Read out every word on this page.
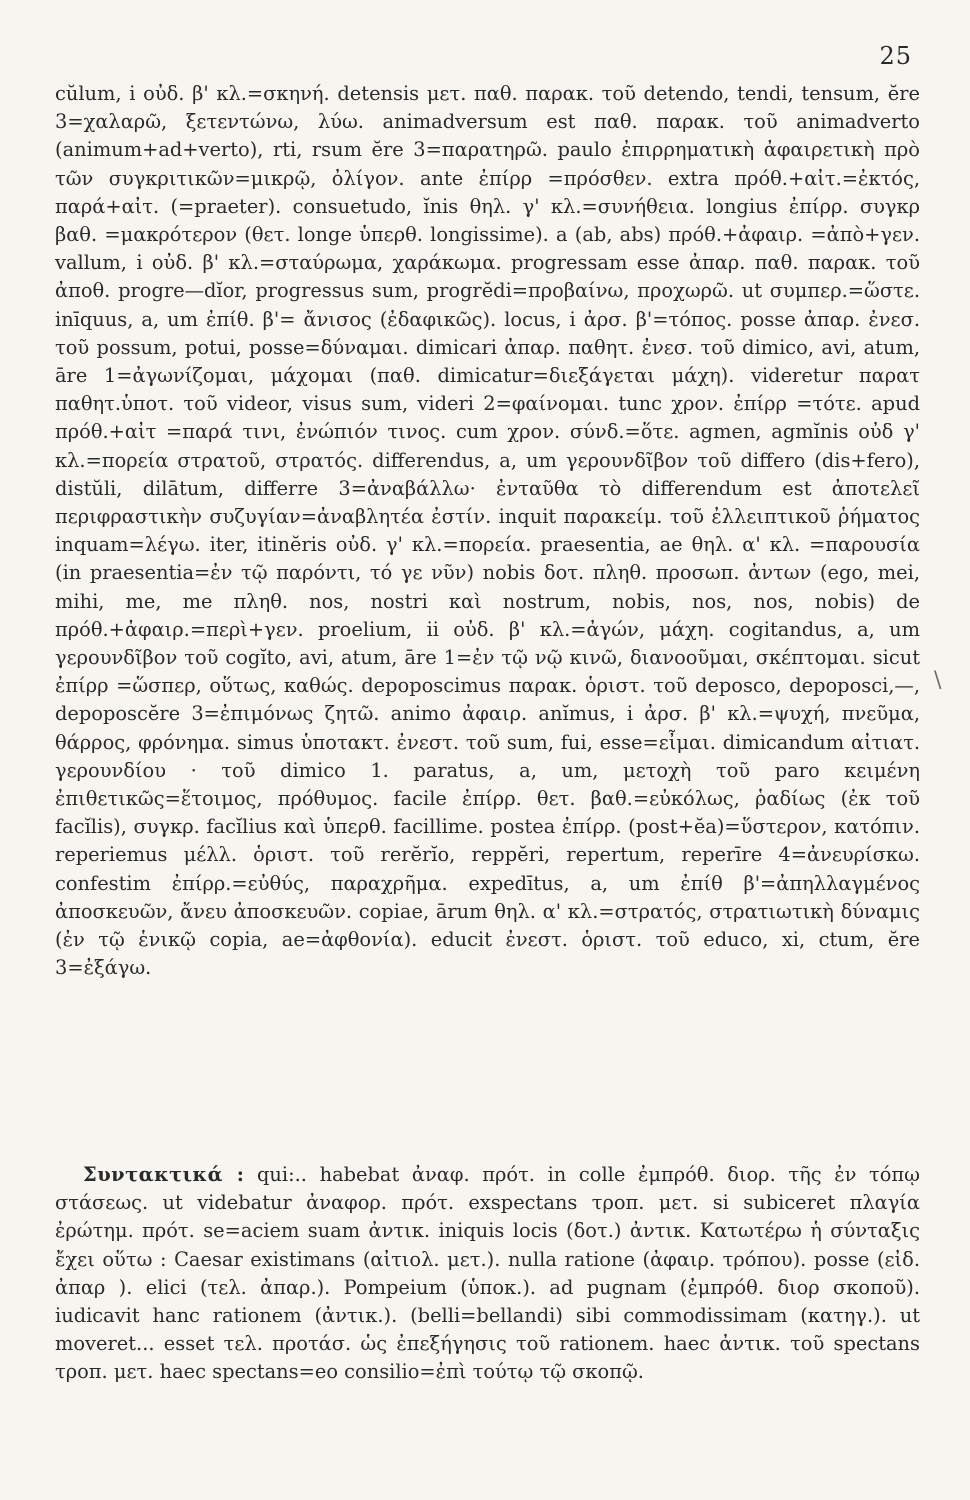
25

cŭlum, i οὐδ. β' κλ.=σκηνή. detensis μετ. παθ. παρακ. τοῦ detendo, tendi, tensum, ĕre 3=χαλαρῶ, ξετεντώνω, λύω. animadversum est παθ. παρακ. τοῦ animadverto (animum+ad+verto), rti, rsum ĕre 3=παρατηρῶ. paulo ἐπιρρηματικὴ ἀφαιρετικὴ πρὸ τῶν συγκριτικῶν=μικρῷ, ὀλίγον. ante ἐπίρρ =πρόσθεν. extra πρόθ.+αἰτ.=ἐκτός, παρά+αἰτ. (=praeter). consuetudo, ĭnis θηλ. γ' κλ.=συνήθεια. longius ἐπίρρ. συγκρ βαθ. =μακρότερον (θετ. longe ὑπερθ. longissime). a (ab, abs) πρόθ.+ἀφαιρ. =ἀπὸ+γεν. vallum, i οὐδ. β' κλ.=σταύρωμα, χαράκωμα. progressam esse ἀπαρ. παθ. παρακ. τοῦ ἀποθ. progre—dĭor, progressus sum, progrĕdi=προβαίνω, προχωρῶ. ut συμπερ.=ὥστε. inīquus, a, um ἐπίθ. β'= ἄνισος (ἐδαφικῶς). locus, i ἀρσ. β'=τόπος. posse ἀπαρ. ἐνεσ. τοῦ possum, potui, posse=δύναμαι. dimicari ἀπαρ. παθητ. ἐνεσ. τοῦ dimico, avi, atum, āre 1=ἀγωνίζομαι, μάχομαι (παθ. dimicatur=διεξάγεται μάχη). videretur παρατ παθητ.ὑποτ. τοῦ videor, visus sum, videri 2=φαίνομαι. tunc χρον. ἐπίρρ =τότε. apud πρόθ.+αἰτ =παρά τινι, ἐνώπιόν τινος. cum χρον. σύνδ.=ὅτε. agmen, agmĭnis οὐδ γ' κλ.=πορεία στρατοῦ, στρατός. differendus, a, um γερουνδῖβον τοῦ differo (dis+fero), distŭli, dilātum, differre 3=ἀναβάλλω· ἐνταῦθα τὸ differendum est ἀποτελεῖ περιφραστικὴν συζυγίαν=ἀναβλητέα ἐστίν. inquit παρακείμ. τοῦ ἐλλειπτικοῦ ῥήματος inquam=λέγω. iter, itinĕris οὐδ. γ' κλ.=πορεία. praesentia, ae θηλ. α' κλ. =παρουσία (in praesentia=ἐν τῷ παρόντι, τό γε νῦν) nobis δοτ. πληθ. προσωπ. ἀντων (ego, mei, mihi, me, me πληθ. nos, nostri καὶ nostrum, nobis, nos, nos, nobis) de πρόθ.+ἀφαιρ.=περὶ+γεν. proelium, ii οὐδ. β' κλ.=ἀγών, μάχη. cogitandus, a, um γερουνδῖβον τοῦ cogĭto, avi, atum, āre 1=ἐν τῷ νῷ κινῶ, διανοοῦμαι, σκέπτομαι. sicut ἐπίρρ =ὥσπερ, οὕτως, καθώς. depoposcimus παρακ. ὁριστ. τοῦ deposco, depoposci,—, depoposcĕre 3=ἐπιμόνως ζητῶ. animo ἀφαιρ. anĭmus, i ἀρσ. β' κλ.=ψυχή, πνεῦμα, θάρρος, φρόνημα. simus ὑποτακτ. ἐνεστ. τοῦ sum, fui, esse=εἶμαι. dimicandum αἰτιατ. γερουνδίου · τοῦ dimico 1. paratus, a, um, μετοχὴ τοῦ paro κειμένη ἐπιθετικῶς=ἕτοιμος, πρόθυμος. facile ἐπίρρ. θετ. βαθ.=εὐκόλως, ῥαδίως (ἐκ τοῦ facĭlis), συγκρ. facĭlius καὶ ὑπερθ. facillime. postea ἐπίρρ. (post+ĕa)=ὕστερον, κατόπιν. reperiemus μέλλ. ὁριστ. τοῦ rerĕrĭo, reppĕri, repertum, reperīre 4=ἀνευρίσκω. confestim ἐπίρρ.=εὐθύς, παραχρῆμα. expedītus, a, um ἐπίθ β'=ἀπηλλαγμένος ἀποσκευῶν, ἄνευ ἀποσκευῶν. copiae, ārum θηλ. α' κλ.=στρατός, στρατιωτικὴ δύναμις (ἐν τῷ ἑνικῷ copia, ae=ἀφθονία). educit ἐνεστ. ὁριστ. τοῦ educo, xi, ctum, ĕre 3=ἐξάγω.

\

Συντακτικά : qui:.. habebat ἀναφ. πρότ. in colle ἐμπρόθ. διορ. τῆς ἐν τόπῳ στάσεως. ut videbatur ἀναφορ. πρότ. exspectans τροπ. μετ. si subiceret πλαγία ἐρώτημ. πρότ. se=aciem suam ἀντικ. iniquis locis (δοτ.) ἀντικ. Κατωτέρω ἡ σύνταξις ἔχει οὕτω : Caesar existimans (αἰτιολ. μετ.). nulla ratione (ἀφαιρ. τρόπου). posse (εἰδ. ἀπαρ ). elici (τελ. ἀπαρ.). Pompeium (ὑποκ.). ad pugnam (ἐμπρόθ. διορ σκοποῦ). iudicavit hanc rationem (ἀντικ.). (belli=bellandi) sibi commodissimam (κατηγ.). ut moveret... esset τελ. προτάσ. ὡς ἐπεξήγησις τοῦ rationem. haec ἀντικ. τοῦ spectans τροπ. μετ. haec spectans=eo consilio=ἐπὶ τούτῳ τῷ σκοπῷ.
